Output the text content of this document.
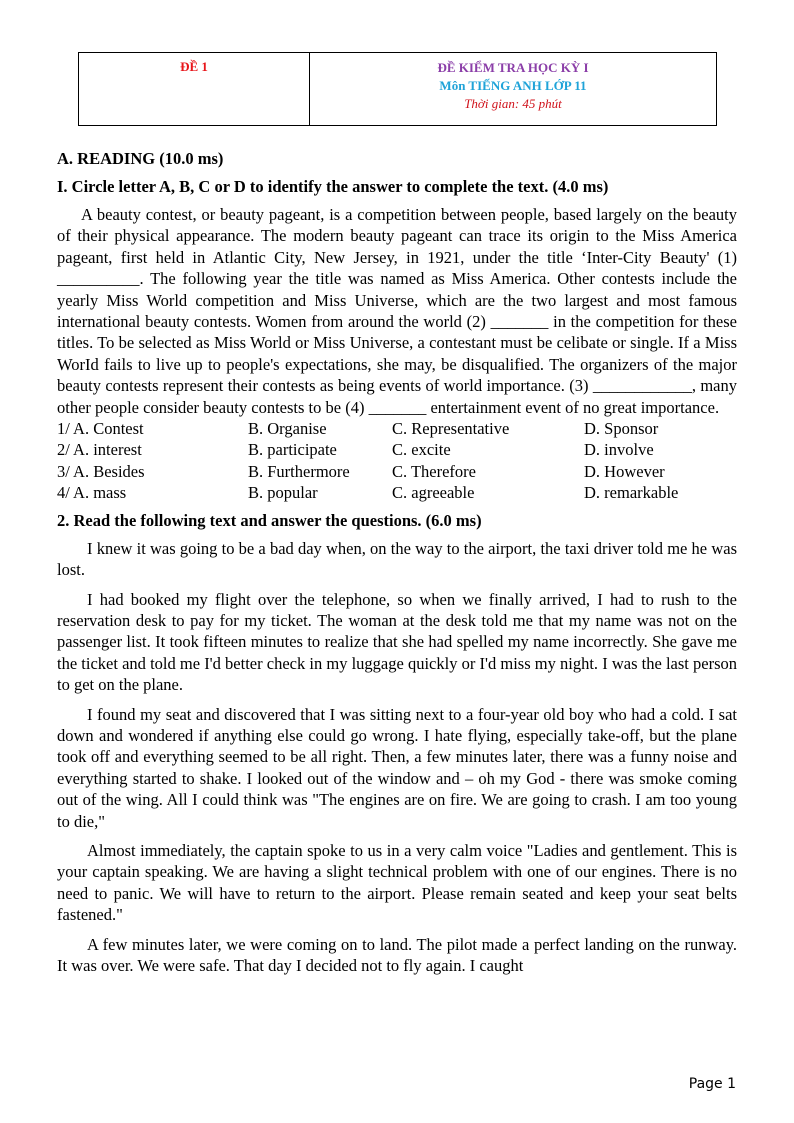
ĐỀ 1	ĐỀ KIỂM TRA HỌC KỲ I
Môn TIẾNG ANH LỚP 11
Thời gian: 45 phút

A. READING (10.0 ms)

I. Circle letter A, B, C or D to identify the answer to complete the text. (4.0 ms)

A beauty contest, or beauty pageant, is a competition between people, based largely on the beauty of their physical appearance. The modern beauty pageant can trace its origin to the Miss America pageant, first held in Atlantic City, New Jersey, in 1921, under the title ‘Inter-City Beauty' (1) __________. The following year the title was named as Miss America. Other contests include the yearly Miss World competition and Miss Universe, which are the two largest and most famous international beauty contests. Women from around the world (2) _______ in the competition for these titles. To be selected as Miss World or Miss Universe, a contestant must be celibate or single. If a Miss WorId fails to live up to people's expectations, she may, be disqualified. The organizers of the major beauty contests represent their contests as being events of world importance. (3) ____________, many other people consider beauty contests to be (4) _______ entertainment event of no great importance.

1/ A. Contest	B. Organise	C. Representative	D. Sponsor
2/ A. interest	B. participate	C. excite	D. involve
3/ A. Besides	B. Furthermore	C. Therefore	D. However
4/ A. mass	B. popular	C. agreeable	D. remarkable

2. Read the following text and answer the questions. (6.0 ms)

I knew it was going to be a bad day when, on the way to the airport, the taxi driver told me he was lost.

I had booked my flight over the telephone, so when we finally arrived, I had to rush to the reservation desk to pay for my ticket. The woman at the desk told me that my name was not on the passenger list. It took fifteen minutes to realize that she had spelled my name incorrectly. She gave me the ticket and told me I'd better check in my luggage quickly or I'd miss my night. I was the last person to get on the plane.

I found my seat and discovered that I was sitting next to a four-year old boy who had a cold. I sat down and wondered if anything else could go wrong. I hate flying, especially take-off, but the plane took off and everything seemed to be all right. Then, a few minutes later, there was a funny noise and everything started to shake. I looked out of the window and – oh my God - there was smoke coming out of the wing. All I could think was "The engines are on fire. We are going to crash. I am too young to die,"

Almost immediately, the captain spoke to us in a very calm voice "Ladies and gentlement. This is your captain speaking. We are having a slight technical problem with one of our engines. There is no need to panic. We will have to return to the airport. Please remain seated and keep your seat belts fastened."

A few minutes later, we were coming on to land. The pilot made a perfect landing on the runway. It was over. We were safe. That day I decided not to fly again. I caught

Page 1
